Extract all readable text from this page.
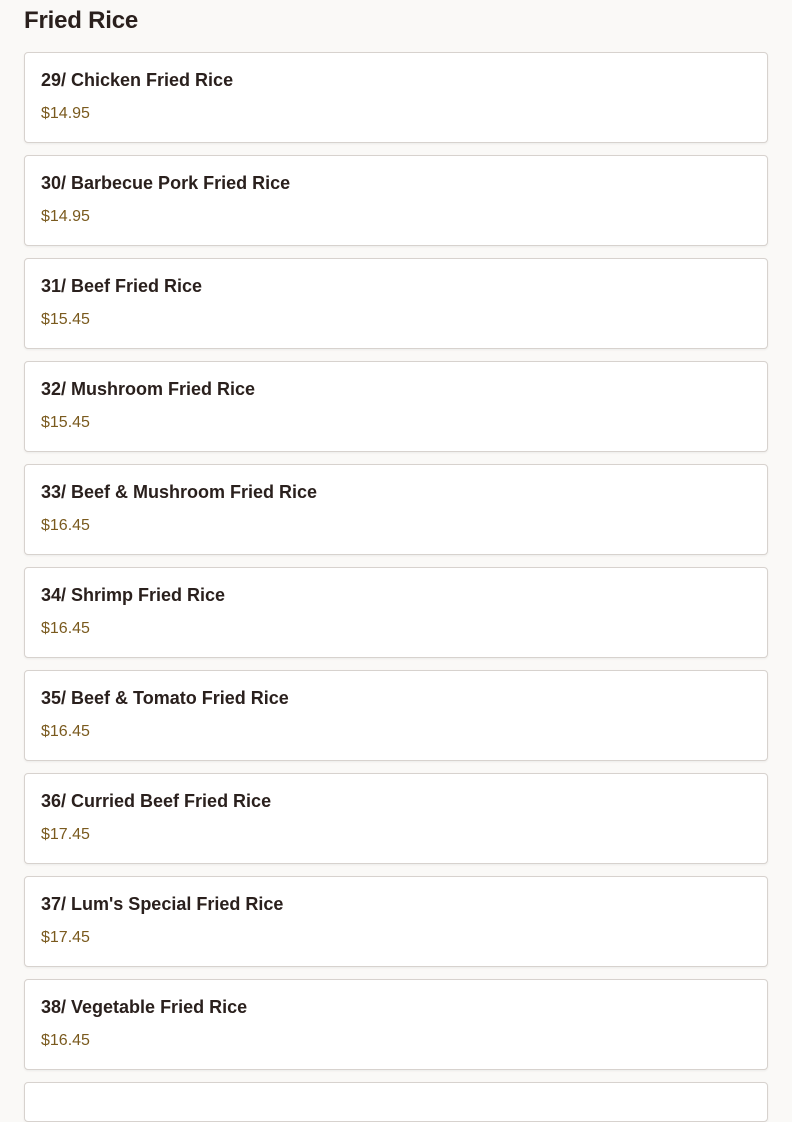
Fried Rice
29/ Chicken Fried Rice
$14.95
30/ Barbecue Pork Fried Rice
$14.95
31/ Beef Fried Rice
$15.45
32/ Mushroom Fried Rice
$15.45
33/ Beef & Mushroom Fried Rice
$16.45
34/ Shrimp Fried Rice
$16.45
35/ Beef & Tomato Fried Rice
$16.45
36/ Curried Beef Fried Rice
$17.45
37/ Lum's Special Fried Rice
$17.45
38/ Vegetable Fried Rice
$16.45
